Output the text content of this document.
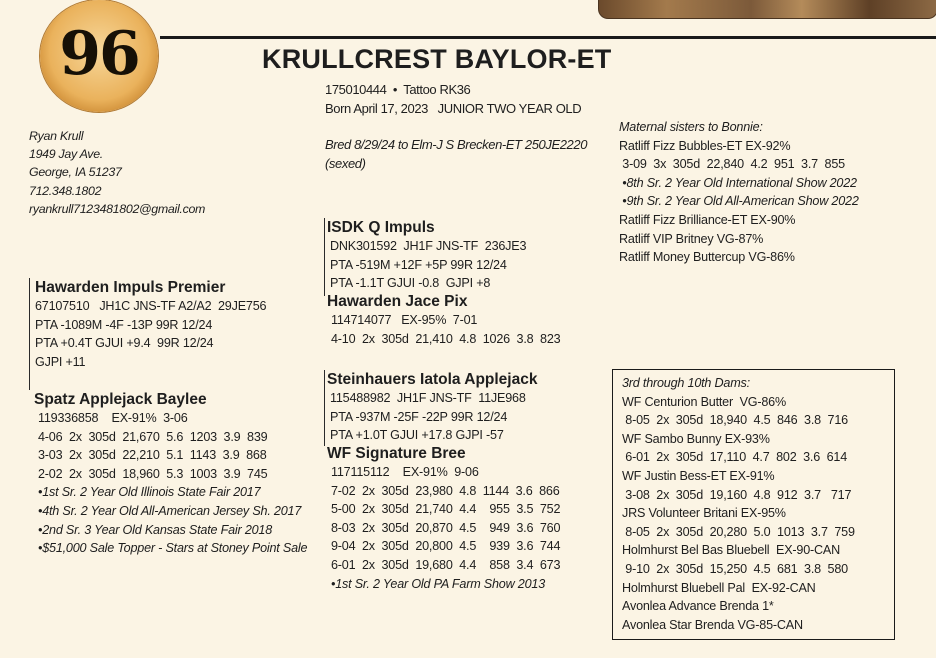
96	KRULLCREST BAYLOR-ET
175010444  •  Tattoo RK36
Born April 17, 2023   JUNIOR TWO YEAR OLD
Bred 8/29/24 to Elm-J S Brecken-ET 250JE2220
(sexed)
Ryan Krull
1949 Jay Ave.
George, IA 51237
712.348.1802
ryankrull7123481802@gmail.com
Hawarden Impuls Premier
67107510   JH1C JNS-TF A2/A2  29JE756
PTA -1089M -4F -13P 99R 12/24
PTA +0.4T GJUI +9.4  99R 12/24
GJPI +11
Spatz Applejack Baylee
119336858    EX-91%  3-06
4-06  2x  305d  21,670  5.6  1203  3.9  839
3-03  2x  305d  22,210  5.1  1143  3.9  868
2-02  2x  305d  18,960  5.3  1003  3.9  745
•1st Sr. 2 Year Old Illinois State Fair 2017
•4th Sr. 2 Year Old All-American Jersey Sh. 2017
•2nd Sr. 3 Year Old Kansas State Fair 2018
•$51,000 Sale Topper - Stars at Stoney Point Sale
ISDK Q Impuls
DNK301592  JH1F JNS-TF  236JE3
PTA -519M +12F +5P 99R 12/24
PTA -1.1T GJUI -0.8  GJPI +8
Hawarden Jace Pix
114714077   EX-95%  7-01
4-10  2x  305d  21,410  4.8  1026  3.8  823
Steinhauers Iatola Applejack
115488982  JH1F JNS-TF  11JE968
PTA -937M -25F -22P 99R 12/24
PTA +1.0T GJUI +17.8 GJPI -57
WF Signature Bree
117115112    EX-91%  9-06
7-02  2x  305d  23,980  4.8  1144  3.6  866
5-00  2x  305d  21,740  4.4    955  3.5  752
8-03  2x  305d  20,870  4.5    949  3.6  760
9-04  2x  305d  20,800  4.5    939  3.6  744
6-01  2x  305d  19,680  4.4    858  3.4  673
•1st Sr. 2 Year Old PA Farm Show 2013
Maternal sisters to Bonnie:
Ratliff Fizz Bubbles-ET EX-92%
3-09  3x  305d  22,840  4.2  951  3.7  855
•8th Sr. 2 Year Old International Show 2022
•9th Sr. 2 Year Old All-American Show 2022
Ratliff Fizz Brilliance-ET EX-90%
Ratliff VIP Britney VG-87%
Ratliff Money Buttercup VG-86%
3rd through 10th Dams:
WF Centurion Butter  VG-86%
8-05  2x  305d  18,940  4.5  846  3.8  716
WF Sambo Bunny EX-93%
6-01  2x  305d  17,110  4.7  802  3.6  614
WF Justin Bess-ET EX-91%
3-08  2x  305d  19,160  4.8  912  3.7   717
JRS Volunteer Britani EX-95%
8-05  2x  305d  20,280  5.0  1013  3.7  759
Holmhurst Bel Bas Bluebell  EX-90-CAN
9-10  2x  305d  15,250  4.5  681  3.8  580
Holmhurst Bluebell Pal  EX-92-CAN
Avonlea Advance Brenda 1*
Avonlea Star Brenda VG-85-CAN
